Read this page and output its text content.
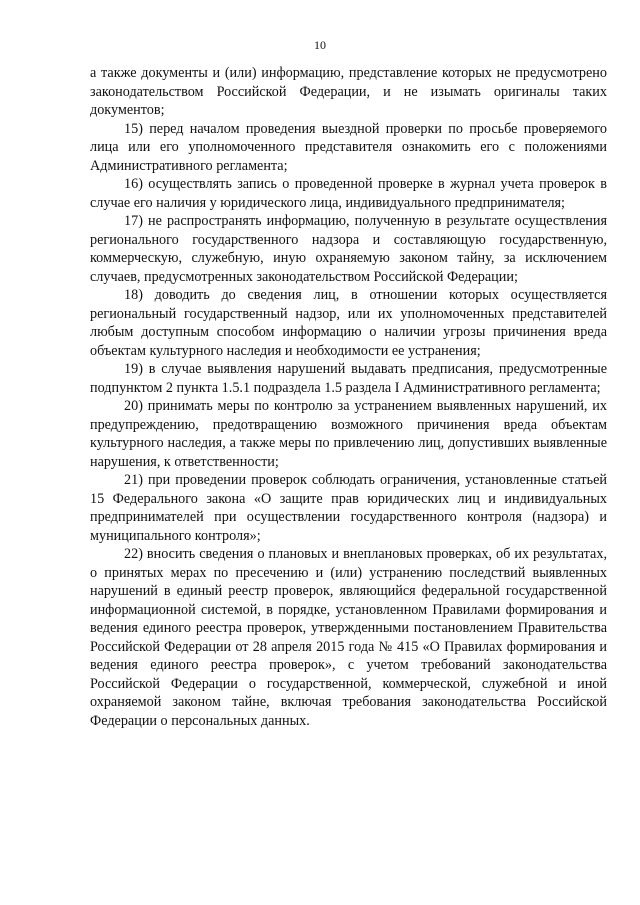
10

а также документы и (или) информацию, представление которых не предусмотрено законодательством Российской Федерации, и не изымать оригиналы таких документов;

15) перед началом проведения выездной проверки по просьбе проверяемого лица или его уполномоченного представителя ознакомить его с положениями Административного регламента;

16) осуществлять запись о проведенной проверке в журнал учета проверок в случае его наличия у юридического лица, индивидуального предпринимателя;

17) не распространять информацию, полученную в результате осуществления регионального государственного надзора и составляющую государственную, коммерческую, служебную, иную охраняемую законом тайну, за исключением случаев, предусмотренных законодательством Российской Федерации;

18) доводить до сведения лиц, в отношении которых осуществляется региональный государственный надзор, или их уполномоченных представителей любым доступным способом информацию о наличии угрозы причинения вреда объектам культурного наследия и необходимости ее устранения;

19) в случае выявления нарушений выдавать предписания, предусмотренные подпунктом 2 пункта 1.5.1 подраздела 1.5 раздела I Административного регламента;

20) принимать меры по контролю за устранением выявленных нарушений, их предупреждению, предотвращению возможного причинения вреда объектам культурного наследия, а также меры по привлечению лиц, допустивших выявленные нарушения, к ответственности;

21) при проведении проверок соблюдать ограничения, установленные статьей 15 Федерального закона «О защите прав юридических лиц и индивидуальных предпринимателей при осуществлении государственного контроля (надзора) и муниципального контроля»;

22) вносить сведения о плановых и внеплановых проверках, об их результатах, о принятых мерах по пресечению и (или) устранению последствий выявленных нарушений в единый реестр проверок, являющийся федеральной государственной информационной системой, в порядке, установленном Правилами формирования и ведения единого реестра проверок, утвержденными постановлением Правительства Российской Федерации от 28 апреля 2015 года № 415 «О Правилах формирования и ведения единого реестра проверок», с учетом требований законодательства Российской Федерации о государственной, коммерческой, служебной и иной охраняемой законом тайне, включая требования законодательства Российской Федерации о персональных данных.
